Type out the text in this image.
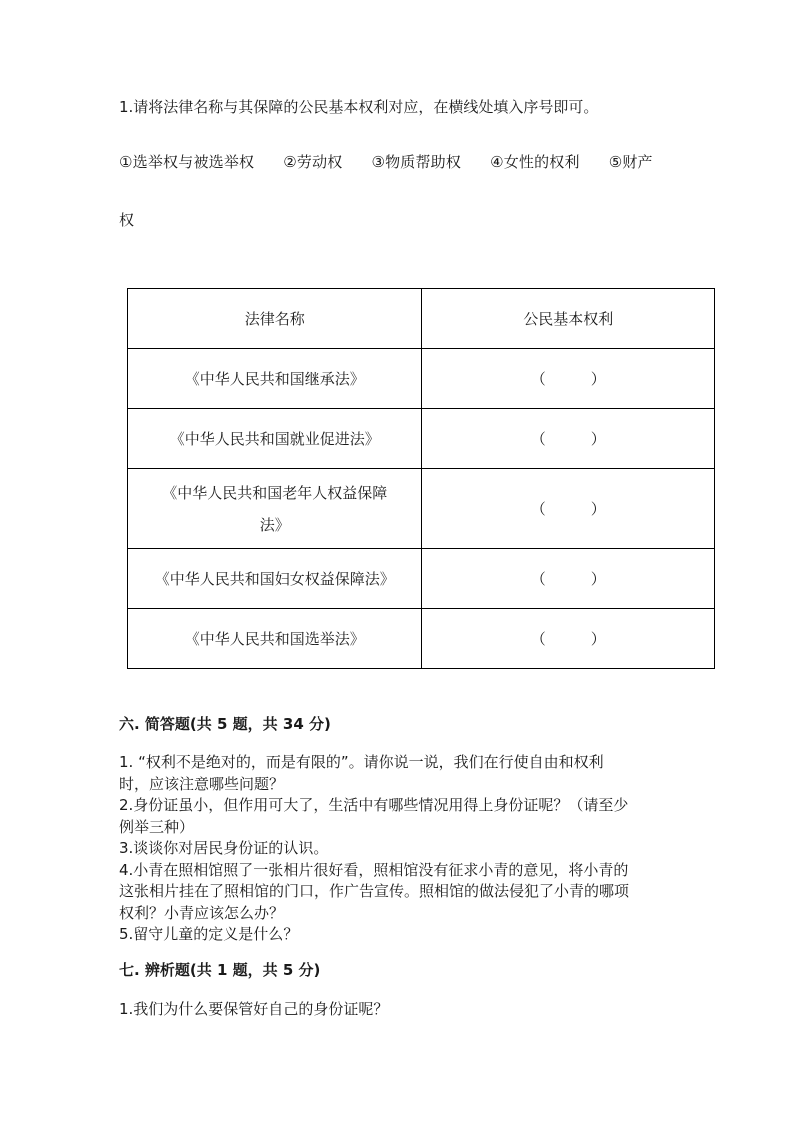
1.请将法律名称与其保障的公民基本权利对应，在横线处填入序号即可。
①选举权与被选举权 ②劳动权 ③物质帮助权 ④女性的权利 ⑤财产
权
法律名称	公民基本权利
《中华人民共和国继承法》	（　　　）
《中华人民共和国就业促进法》	（　　　）

《中华人民共和国老年人权益保障
法》	（　　　）
《中华人民共和国妇女权益保障法》	（　　　）
《中华人民共和国选举法》	（　　　）
六. 简答题(共 5 题，共 34 分)
1. “权利不是绝对的，而是有限的”。请你说一说，我们在行使自由和权利
时，应该注意哪些问题？
2.身份证虽小，但作用可大了，生活中有哪些情况用得上身份证呢？（请至少
例举三种）
3.谈谈你对居民身份证的认识。
4.小青在照相馆照了一张相片很好看，照相馆没有征求小青的意见，将小青的
这张相片挂在了照相馆的门口，作广告宣传。照相馆的做法侵犯了小青的哪项
权利？小青应该怎么办？
5.留守儿童的定义是什么？
七. 辨析题(共 1 题，共 5 分)
1.我们为什么要保管好自己的身份证呢？
